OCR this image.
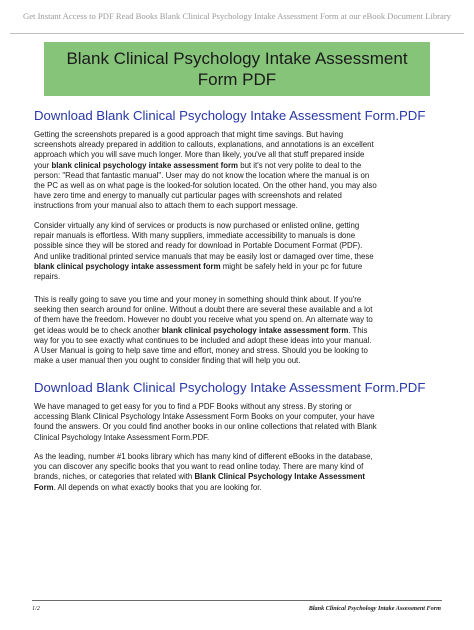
Get Instant Access to PDF Read Books Blank Clinical Psychology Intake Assessment Form at our eBook Document Library
Blank Clinical Psychology Intake Assessment Form PDF
Download Blank Clinical Psychology Intake Assessment Form.PDF
Getting the screenshots prepared is a good approach that might time savings. But having
screenshots already prepared in addition to callouts, explanations, and annotations is an excellent
approach which you will save much longer. More than likely, you've all that stuff prepared inside
your blank clinical psychology intake assessment form but it's not very polite to deal to the
person: "Read that fantastic manual". User may do not know the location where the manual is on
the PC as well as on what page is the looked-for solution located. On the other hand, you may also
have zero time and energy to manually cut particular pages with screenshots and related
instructions from your manual also to attach them to each support message.
Consider virtually any kind of services or products is now purchased or enlisted online, getting
repair manuals is effortless. With many suppliers, immediate accessibility to manuals is done
possible since they will be stored and ready for download in Portable Document Format (PDF).
And unlike traditional printed service manuals that may be easily lost or damaged over time, these
blank clinical psychology intake assessment form might be safely held in your pc for future
repairs.
This is really going to save you time and your money in something should think about. If you're
seeking then search around for online. Without a doubt there are several these available and a lot
of them have the freedom. However no doubt you receive what you spend on. An alternate way to
get ideas would be to check another blank clinical psychology intake assessment form. This
way for you to see exactly what continues to be included and adopt these ideas into your manual.
A User Manual is going to help save time and effort, money and stress. Should you be looking to
make a user manual then you ought to consider finding that will help you out.
Download Blank Clinical Psychology Intake Assessment Form.PDF
We have managed to get easy for you to find a PDF Books without any stress. By storing or
accessing Blank Clinical Psychology Intake Assessment Form Books on your computer, your have
found the answers. Or you could find another books in our online collections that related with Blank
Clinical Psychology Intake Assessment Form.PDF.
As the leading, number #1 books library which has many kind of different eBooks in the database,
you can discover any specific books that you want to read online today. There are many kind of
brands, niches, or categories that related with Blank Clinical Psychology Intake Assessment
Form. All depends on what exactly books that you are looking for.
1/2	Blank Clinical Psychology Intake Assessment Form
